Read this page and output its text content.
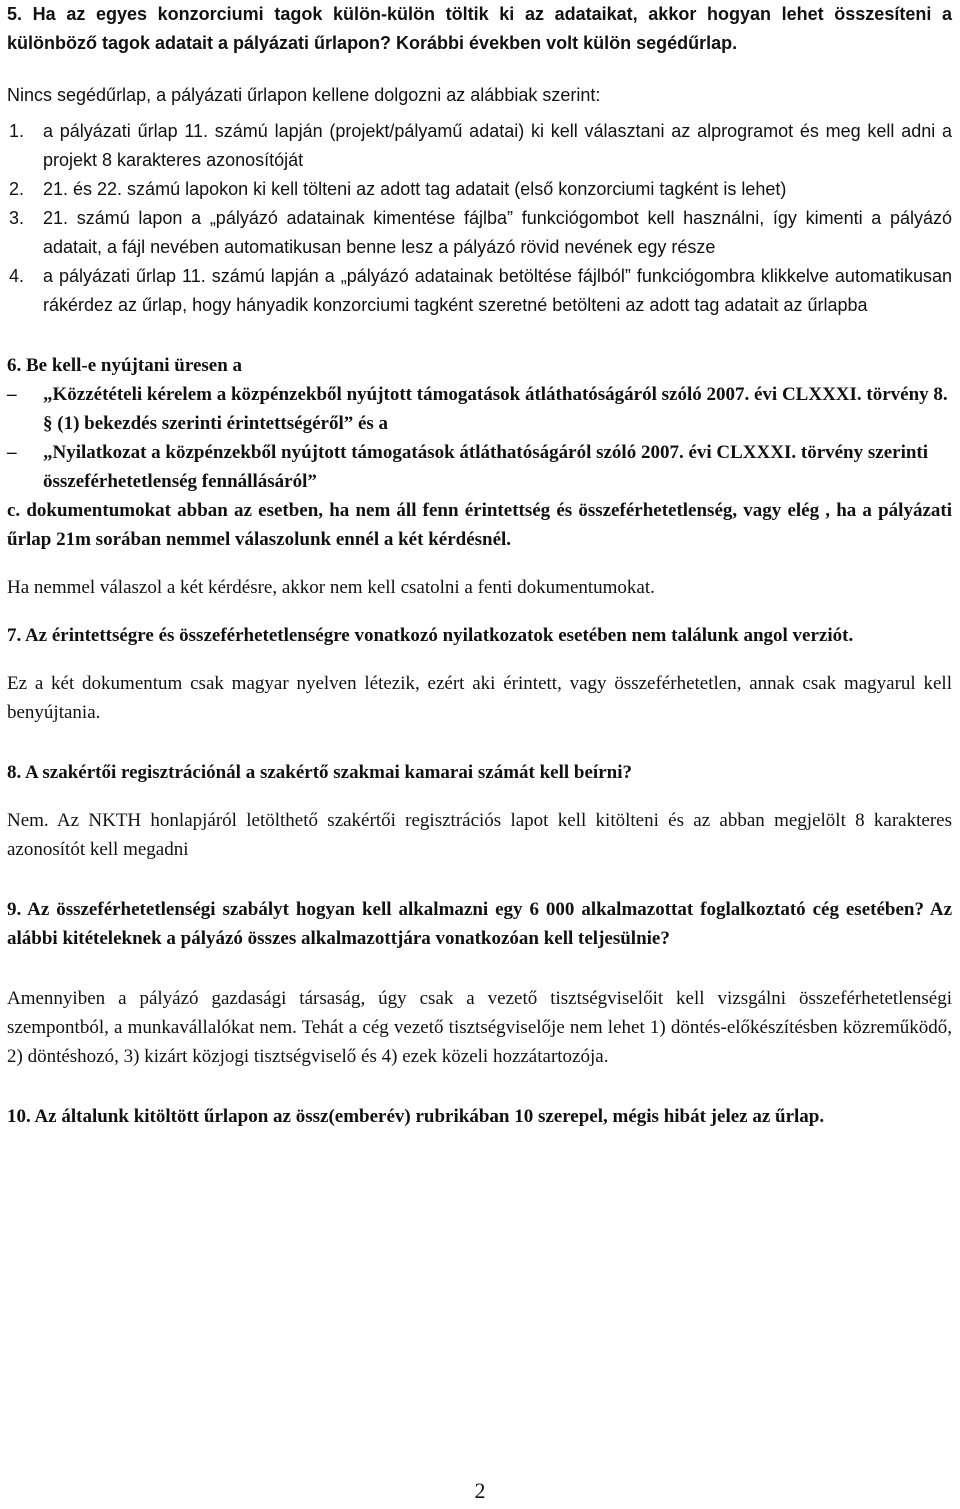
5. Ha az egyes konzorciumi tagok külön-külön töltik ki az adataikat, akkor hogyan lehet összesíteni a különböző tagok adatait a pályázati űrlapon? Korábbi években volt külön segédűrlap.

Nincs segédűrlap, a pályázati űrlapon kellene dolgozni az alábbiak szerint:

1. a pályázati űrlap 11. számú lapján (projekt/pályamű adatai) ki kell választani az alprogramot és meg kell adni a projekt 8 karakteres azonosítóját
2. 21. és 22. számú lapokon ki kell tölteni az adott tag adatait (első konzorciumi tagként is lehet)
3. 21. számú lapon a „pályázó adatainak kimentése fájlba” funkciógombot kell használni, így kimenti a pályázó adatait, a fájl nevében automatikusan benne lesz a pályázó rövid nevének egy része
4. a pályázati űrlap 11. számú lapján a „pályázó adatainak betöltése fájlból” funkciógombra klikkelve automatikusan rákérdez az űrlap, hogy hányadik konzorciumi tagként szeretné betölteni az adott tag adatait az űrlapba

6. Be kell-e nyújtani üresen a

– „Közzétételi kérelem a közpénzekből nyújtott támogatások átláthatóságáról szóló 2007. évi CLXXXI. törvény 8. § (1) bekezdés szerinti érintettségéről” és a
– „Nyilatkozat a közpénzekből nyújtott támogatások átláthatóságáról szóló 2007. évi CLXXXI. törvény szerinti összeférhetetlenség fennállásáról”

c. dokumentumokat abban az esetben, ha nem áll fenn érintettség és összeférhetetlenség, vagy elég , ha a pályázati űrlap 21m sorában nemmel válaszolunk ennél a két kérdésnél.

Ha nemmel válaszol a két kérdésre, akkor nem kell csatolni a fenti dokumentumokat.

7. Az érintettségre és összeférhetetlenségre vonatkozó nyilatkozatok esetében nem találunk angol verziót.

Ez a két dokumentum csak magyar nyelven létezik, ezért aki érintett, vagy összeférhetetlen, annak csak magyarul kell benyújtania.

8. A szakértői regisztrációnál a szakértő szakmai kamarai számát kell beírni?

Nem. Az NKTH honlapjáról letölthető szakértői regisztrációs lapot kell kitölteni és az abban megjelölt 8 karakteres azonosítót kell megadni

9. Az összeférhetetlenségi szabályt hogyan kell alkalmazni egy 6 000 alkalmazottat foglalkoztató cég esetében? Az alábbi kitételeknek a pályázó összes alkalmazottjára vonatkozóan kell teljesülnie?

Amennyiben a pályázó gazdasági társaság, úgy csak a vezető tisztségviselőit kell vizsgálni összeférhetetlenségi szempontból, a munkavállalókat nem. Tehát a cég vezető tisztségviselője nem lehet 1) döntés-előkészítésben közreműködő, 2) döntéshozó, 3) kizárt közjogi tisztségviselő és 4) ezek közeli hozzátartozója.

10. Az általunk kitöltött űrlapon az össz(emberév) rubrikában 10 szerepel, mégis hibát jelez az űrlap.

2
